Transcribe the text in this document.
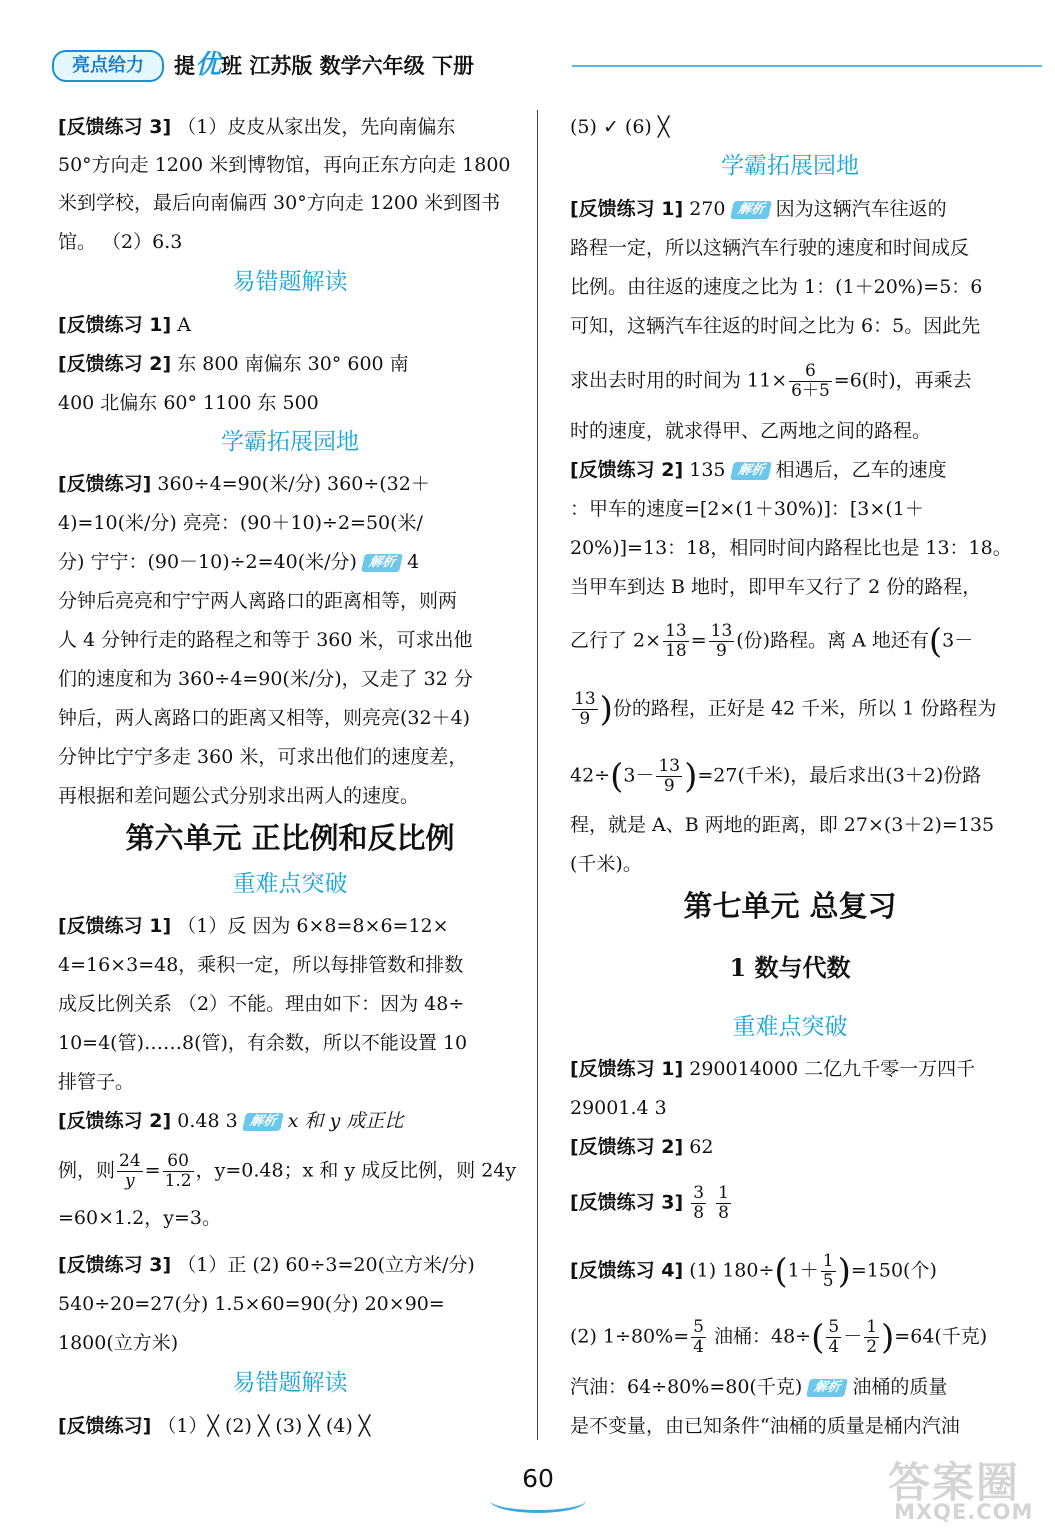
亮点给力	提优班 江苏版 数学六年级 下册
[反馈练习 3] （1）皮皮从家出发，先向南偏东
50°方向走 1200 米到博物馆，再向正东方向走 1800
米到学校，最后向南偏西 30°方向走 1200 米到图书
馆。 （2）6.3
易错题解读
[反馈练习 1] A
[反馈练习 2] 东 800 南偏东 30° 600 南
400 北偏东 60° 1100 东 500
学霸拓展园地
[反馈练习] 360÷4=90(米/分) 360÷(32＋
4)=10(米/分) 亮亮：(90＋10)÷2=50(米/
分) 宁宁：(90－10)÷2=40(米/分) 解析 4
分钟后亮亮和宁宁两人离路口的距离相等，则两
人 4 分钟行走的路程之和等于 360 米，可求出他
们的速度和为 360÷4=90(米/分)，又走了 32 分
钟后，两人离路口的距离又相等，则亮亮(32＋4)
分钟比宁宁多走 360 米，可求出他们的速度差，
再根据和差问题公式分别求出两人的速度。
第六单元 正比例和反比例
重难点突破
[反馈练习 1] （1）反 因为 6×8=8×6=12×
4=16×3=48，乘积一定，所以每排管数和排数
成反比例关系 （2）不能。理由如下：因为 48÷
10=4(管)……8(管)，有余数，所以不能设置 10
排管子。
[反馈练习 2] 0.48 3 解析 x 和 y 成正比
例，则 $\frac{24}{y} = \frac{60}{1.2}$ ，y=0.48；x 和 y 成反比例，则 24y
=60×1.2，y=3。
[反馈练习 3] （1）正 (2) 60÷3=20(立方米/分)
540÷20=27(分) 1.5×60=90(分) 20×90=
1800(立方米)
易错题解读
[反馈练习] （1）╳ (2) ╳ (3) ╳ (4) ╳
(5) ✓ (6) ╳
学霸拓展园地
[反馈练习 1] 270 解析 因为这辆汽车往返的
路程一定，所以这辆汽车行驶的速度和时间成反
比例。由往返的速度之比为 1：(1＋20%)=5：6
可知，这辆汽车往返的时间之比为 6：5。因此先
求出去时用的时间为 $11\times \frac{6}{6+5} =6$(时)，再乘去
时的速度，就求得甲、乙两地之间的路程。
[反馈练习 2] 135 解析 相遇后，乙车的速度
：甲车的速度=[2×(1＋30%)]：[3×(1＋
20%)]=13：18，相同时间内路程比也是 13：18。
当甲车到达 B 地时，即甲车又行了 2 份的路程，
乙行了 $2\times \frac{13}{18} = \frac{13}{9}$ (份)路程。离 A 地还有(3－
$\frac{13}{9}$ )份的路程，正好是 42 千米，所以 1 份路程为
$42\div(3- \frac{13}{9} )=27$(千米)，最后求出(3＋2)份路
程，就是 A、B 两地的距离，即 27×(3＋2)=135
(千米)。
第七单元 总复习
1 数与代数
重难点突破
[反馈练习 1] 290014000 二亿九千零一万四千
29001.4 3
[反馈练习 2] 62
[反馈练习 $3] \frac{3}{8}$
$\frac{1}{8}$
[反馈练习 4] (1) $180\div(1+ \frac{1}{5} )=150$(个)
(2) $1\div 80\%= \frac{5}{4}$ 油桶：$48\div( \frac{5}{4} - \frac{1}{2} )=64$(千克)
汽油：64÷80%=80(千克) 解析 油桶的质量
是不变量，由已知条件“油桶的质量是桶内汽油
60	答案圈
MXQE.COM
